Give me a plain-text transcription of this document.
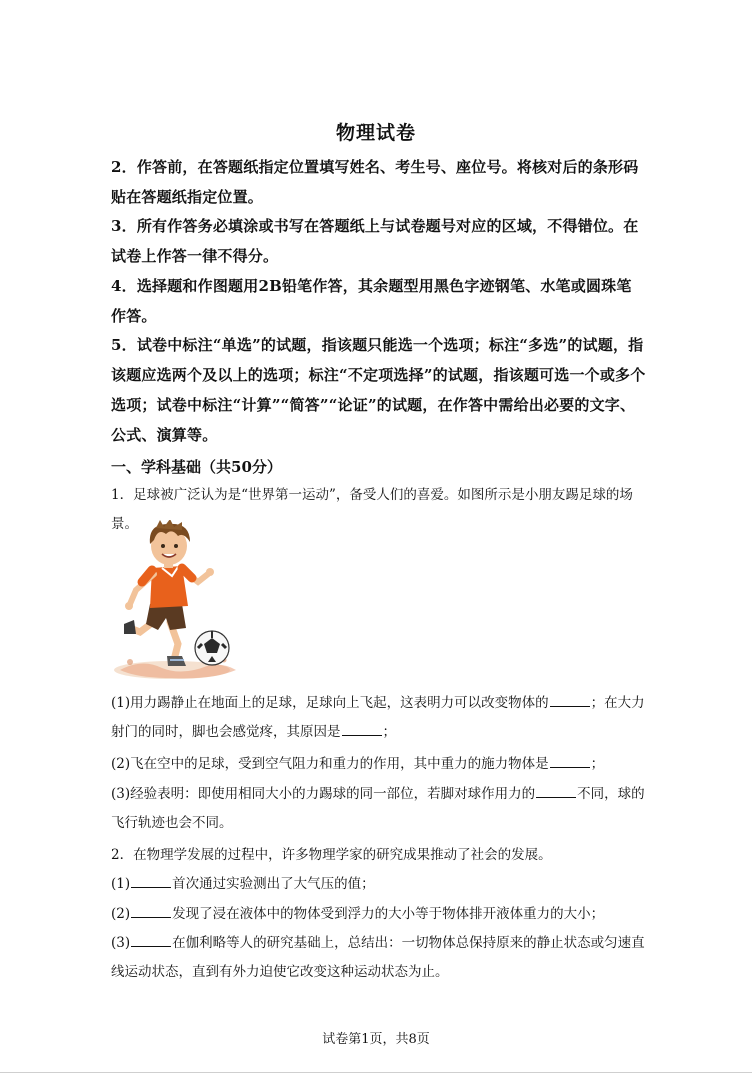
物理试卷
2．作答前，在答题纸指定位置填写姓名、考生号、座位号。将核对后的条形码贴在答题纸指定位置。
3．所有作答务必填涂或书写在答题纸上与试卷题号对应的区域，不得错位。在试卷上作答一律不得分。
4．选择题和作图题用2B铅笔作答，其余题型用黑色字迹钢笔、水笔或圆珠笔作答。
5．试卷中标注“单选”的试题，指该题只能选一个选项；标注“多选”的试题，指该题应选两个及以上的选项；标注“不定项选择”的试题，指该题可选一个或多个选项；试卷中标注“计算”“简答”“论证”的试题，在作答中需给出必要的文字、公式、演算等。
一、学科基础（共50分）
1．足球被广泛认为是“世界第一运动”，备受人们的喜爱。如图所示是小朋友踢足球的场景。
(1)用力踢静止在地面上的足球，足球向上飞起，这表明力可以改变物体的	；在大力射门的同时，脚也会感觉疼，其原因是	；
(2)飞在空中的足球，受到空气阻力和重力的作用，其中重力的施力物体是	；
(3)经验表明：即使用相同大小的力踢球的同一部位，若脚对球作用力的	不同，球的飞行轨迹也会不同。
2．在物理学发展的过程中，许多物理学家的研究成果推动了社会的发展。
(1)	首次通过实验测出了大气压的值；
(2)	发现了浸在液体中的物体受到浮力的大小等于物体排开液体重力的大小；
(3)	在伽利略等人的研究基础上，总结出：一切物体总保持原来的静止状态或匀速直线运动状态，直到有外力迫使它改变这种运动状态为止。
试卷第1页，共8页
